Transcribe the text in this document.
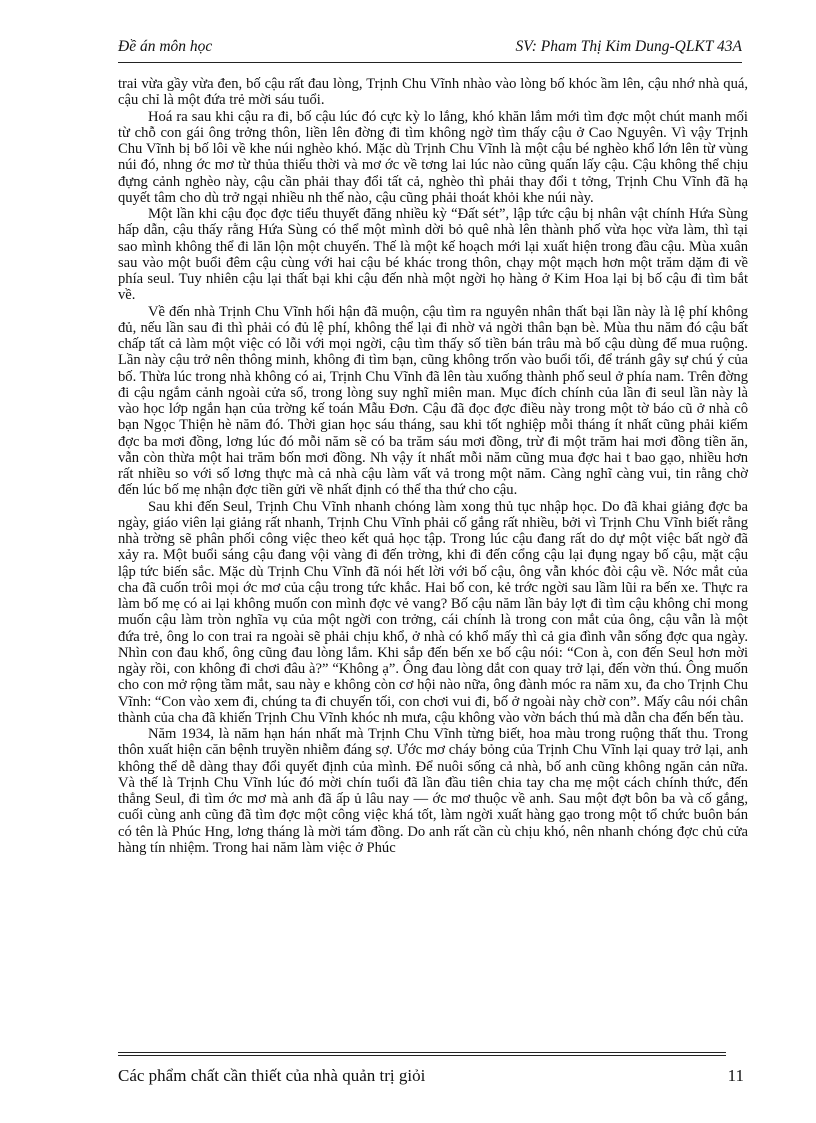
Đề án môn học	SV: Pham Thị Kim Dung-QLKT 43A

trai vừa gầy vừa đen, bố cậu rất đau lòng, Trịnh Chu Vĩnh nhào vào lòng bố khóc ầm lên, cậu nhớ nhà quá, cậu chỉ là một đứa trẻ mời sáu tuổi.

Hoá ra sau khi cậu ra đi, bố cậu lúc đó cực kỳ lo lắng, khó khăn lắm mới tìm đợc một chút manh mối từ chỗ con gái ông trởng thôn, liền lên đờng đi tìm không ngờ tìm thấy cậu ở Cao Nguyên. Vì vậy Trịnh Chu Vĩnh bị bố lôi về khe núi nghèo khó. Mặc dù Trịnh Chu Vĩnh là một cậu bé nghèo khổ lớn lên từ vùng núi đó, nhng ớc mơ từ thủa thiếu thời và mơ ớc về tơng lai lúc nào cũng quấn lấy cậu. Cậu không thể chịu đựng cảnh nghèo này, cậu cần phải thay đổi tất cả, nghèo thì phải thay đổi t tởng, Trịnh Chu Vĩnh đã hạ quyết tâm cho dù trở ngại nhiều nh thế nào, cậu cũng phải thoát khỏi khe núi này.

Một lần khi cậu đọc đợc tiểu thuyết đăng nhiều kỳ “Đất sét”, lập tức cậu bị nhân vật chính Hứa Sùng hấp dẫn, cậu thấy rằng Hứa Sùng có thể một mình dời bỏ quê nhà lên thành phố vừa học vừa làm, thì tại sao mình không thể đi lăn lộn một chuyến. Thế là một kế hoạch mới lại xuất hiện trong đầu cậu. Mùa xuân sau vào một buổi đêm cậu cùng với hai cậu bé khác trong thôn, chạy một mạch hơn một trăm dặm đi về phía seul. Tuy nhiên cậu lại thất bại khi cậu đến nhà một ngời họ hàng ở Kim Hoa lại bị bố cậu đi tìm bắt về.

Về đến nhà Trịnh Chu Vĩnh hối hận đã muộn, cậu tìm ra nguyên nhân thất bại lần này là lệ phí không đủ, nếu lần sau đi thì phải có đủ lệ phí, không thể lại đi nhờ vả ngời thân bạn bè. Mùa thu năm đó cậu bất chấp tất cả làm một việc có lỗi với mọi ngời, cậu tìm thấy số tiền bán trâu mà bố cậu dùng để mua ruộng. Lần này cậu trở nên thông minh, không đi tìm bạn, cũng không trốn vào buổi tối, để tránh gây sự chú ý của bố. Thừa lúc trong nhà không có ai, Trịnh Chu Vĩnh đã lên tàu xuống thành phố seul ở phía nam. Trên đờng đi cậu ngắm cảnh ngoài cửa sổ, trong lòng suy nghĩ miên man. Mục đích chính của lần đi seul lần này là vào học lớp ngắn hạn của trờng kế toán Mẫu Đơn. Cậu đã đọc đợc điều này trong một tờ báo cũ ở nhà cô bạn Ngọc Thiện hè năm đó. Thời gian học sáu tháng, sau khi tốt nghiệp mỗi tháng ít nhất cũng phải kiếm đợc ba mơi đồng, lơng lúc đó mỗi năm sẽ có ba trăm sáu mơi đồng, trừ đi một trăm hai mơi đồng tiền ăn, vẫn còn thừa một hai trăm bốn mơi đồng. Nh vậy ít nhất mỗi năm cũng mua đợc hai t bao gạo, nhiều hơn rất nhiều so với số lơng thực mà cả nhà cậu làm vất vả trong một năm. Càng nghĩ càng vui, tin rằng chờ đến lúc bố mẹ nhận đợc tiền gửi về nhất định có thể tha thứ cho cậu.

Sau khi đến Seul, Trịnh Chu Vĩnh nhanh chóng làm xong thủ tục nhập học. Do đã khai giảng đợc ba ngày, giáo viên lại giảng rất nhanh, Trịnh Chu Vĩnh phải cố gắng rất nhiều, bởi vì Trịnh Chu Vĩnh biết rằng nhà trờng sẽ phân phối công việc theo kết quả học tập. Trong lúc cậu đang rất do dự một việc bất ngờ đã xảy ra. Một buổi sáng cậu đang vội vàng đi đến trờng, khi đi đến cổng cậu lại đụng ngay bố cậu, mặt cậu lập tức biến sắc. Mặc dù Trịnh Chu Vĩnh đã nói hết lời với bố cậu, ông vẫn khóc đòi cậu về. Nớc mắt của cha đã cuốn trôi mọi ớc mơ của cậu trong tức khắc. Hai bố con, kẻ trớc ngời sau lầm lũi ra bến xe. Thực ra làm bố mẹ có ai lại không muốn con mình đợc vẻ vang? Bố cậu năm lần bảy lợt đi tìm cậu không chỉ mong muốn cậu làm tròn nghĩa vụ của một ngời con trởng, cái chính là trong con mắt của ông, cậu vẫn là một đứa trẻ, ông lo con trai ra ngoài sẽ phải chịu khổ, ở nhà có khổ mấy thì cả gia đình vẫn sống đợc qua ngày. Nhìn con đau khổ, ông cũng đau lòng lắm. Khi sắp đến bến xe bố cậu nói: “Con à, con đến Seul hơn mời ngày rồi, con không đi chơi đâu à?” “Không ạ”. Ông đau lòng dắt con quay trở lại, đến vờn thú. Ông muốn cho con mở rộng tầm mắt, sau này e không còn cơ hội nào nữa, ông đành móc ra năm xu, đa cho Trịnh Chu Vĩnh: “Con vào xem đi, chúng ta đi chuyến tối, con chơi vui đi, bố ở ngoài này chờ con”. Mấy câu nói chân thành của cha đã khiến Trịnh Chu Vĩnh khóc nh mưa, cậu không vào vờn bách thú mà dẫn cha đến bến tàu.

Năm 1934, là năm hạn hán nhất mà Trịnh Chu Vĩnh từng biết, hoa màu trong ruộng thất thu. Trong thôn xuất hiện căn bệnh truyền nhiễm đáng sợ. Ước mơ cháy bỏng của Trịnh Chu Vĩnh lại quay trở lại, anh không thể dễ dàng thay đổi quyết định của mình. Để nuôi sống cả nhà, bố anh cũng không ngăn cản nữa. Và thế là Trịnh Chu Vĩnh lúc đó mời chín tuổi đã lần đầu tiên chia tay cha mẹ một cách chính thức, đến thẳng Seul, đi tìm ớc mơ mà anh đã ấp ủ lâu nay — ớc mơ thuộc về anh. Sau một đợt bôn ba và cố gắng, cuối cùng anh cũng đã tìm đợc một công việc khá tốt, làm ngời xuất hàng gạo trong một tổ chức buôn bán có tên là Phúc Hng, lơng tháng là mời tám đồng. Do anh rất cần cù chịu khó, nên nhanh chóng đợc chủ cửa hàng tín nhiệm. Trong hai năm làm việc ở Phúc

Các phẩm chất cần thiết của nhà quản trị giỏi	11
